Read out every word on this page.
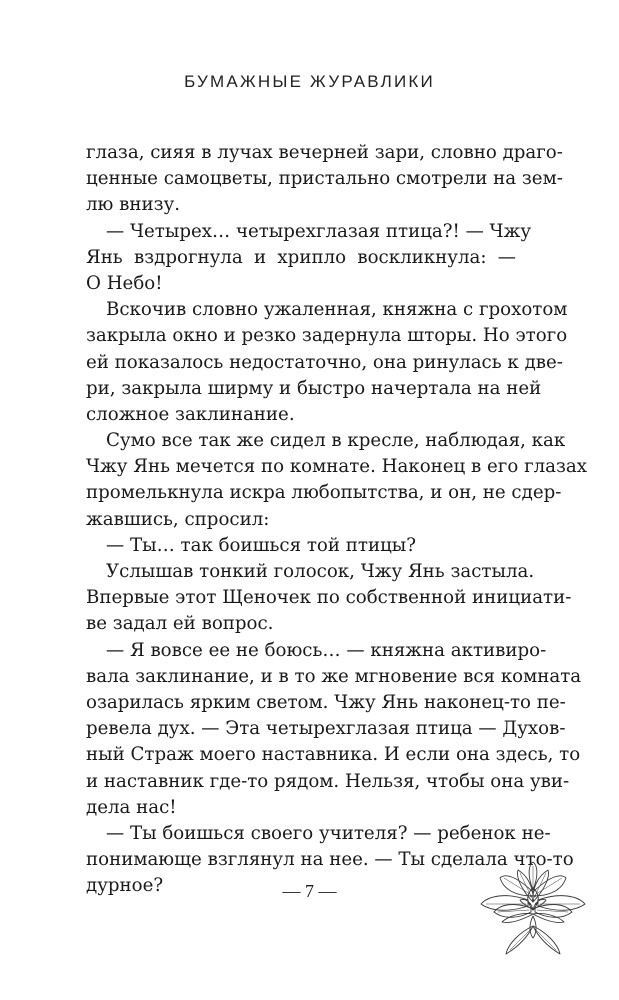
БУМАЖНЫЕ ЖУРАВЛИКИ
глаза, сияя в лучах вечерней зари, словно драго-
ценные самоцветы, пристально смотрели на зем-
лю внизу.
— Четырех… четырехглазая птица?! — Чжу
Янь вздрогнула и хрипло воскликнула: —
О Небо!
Вскочив словно ужаленная, княжна с грохотом
закрыла окно и резко задернула шторы. Но этого
ей показалось недостаточно, она ринулась к две-
ри, закрыла ширму и быстро начертала на ней
сложное заклинание.
Сумо все так же сидел в кресле, наблюдая, как
Чжу Янь мечется по комнате. Наконец в его глазах
промелькнула искра любопытства, и он, не сдер-
жавшись, спросил:
— Ты… так боишься той птицы?
Услышав тонкий голосок, Чжу Янь застыла.
Впервые этот Щеночек по собственной инициати-
ве задал ей вопрос.
— Я вовсе ее не боюсь… — княжна активиро-
вала заклинание, и в то же мгновение вся комната
озарилась ярким светом. Чжу Янь наконец-то пе-
ревела дух. — Эта четырехглазая птица — Духов-
ный Страж моего наставника. И если она здесь, то
и наставник где-то рядом. Нельзя, чтобы она уви-
дела нас!
— Ты боишься своего учителя? — ребенок не-
понимающе взглянул на нее. — Ты сделала что-то
дурное?	— 7 —
